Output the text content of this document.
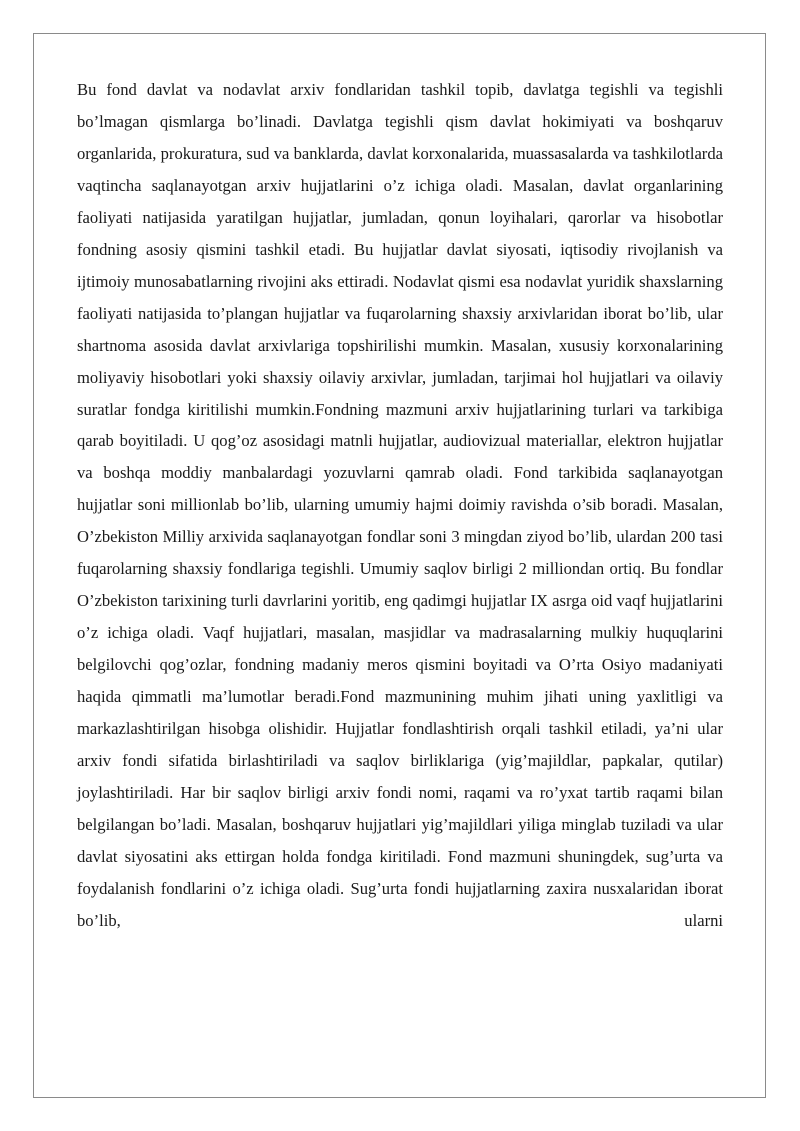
Bu fond davlat va nodavlat arxiv fondlaridan tashkil topib, davlatga tegishli va tegishli bo’lmagan qismlarga bo’linadi. Davlatga tegishli qism davlat hokimiyati va boshqaruv organlarida, prokuratura, sud va banklarda, davlat korxonalarida, muassasalarda va tashkilotlarda vaqtincha saqlanayotgan arxiv hujjatlarini o’z ichiga oladi. Masalan, davlat organlarining faoliyati natijasida yaratilgan hujjatlar, jumladan, qonun loyihalari, qarorlar va hisobotlar fondning asosiy qismini tashkil etadi. Bu hujjatlar davlat siyosati, iqtisodiy rivojlanish va ijtimoiy munosabatlarning rivojini aks ettiradi. Nodavlat qismi esa nodavlat yuridik shaxslarning faoliyati natijasida to’plangan hujjatlar va fuqarolarning shaxsiy arxivlaridan iborat bo’lib, ular shartnoma asosida davlat arxivlariga topshirilishi mumkin. Masalan, xususiy korxonalarining moliyaviy hisobotlari yoki shaxsiy oilaviy arxivlar, jumladan, tarjimai hol hujjatlari va oilaviy suratlar fondga kiritilishi mumkin.Fondning mazmuni arxiv hujjatlarining turlari va tarkibiga qarab boyitiladi. U qog’oz asosidagi matnli hujjatlar, audiovizual materiallar, elektron hujjatlar va boshqa moddiy manbalardagi yozuvlarni qamrab oladi. Fond tarkibida saqlanayotgan hujjatlar soni millionlab bo’lib, ularning umumiy hajmi doimiy ravishda o’sib boradi. Masalan, O’zbekiston Milliy arxivida saqlanayotgan fondlar soni 3 mingdan ziyod bo’lib, ulardan 200 tasi fuqarolarning shaxsiy fondlariga tegishli. Umumiy saqlov birligi 2 milliondan ortiq. Bu fondlar O’zbekiston tarixining turli davrlarini yoritib, eng qadimgi hujjatlar IX asrga oid vaqf hujjatlarini o’z ichiga oladi. Vaqf hujjatlari, masalan, masjidlar va madrasalarning mulkiy huquqlarini belgilovchi qog’ozlar, fondning madaniy meros qismini boyitadi va O’rta Osiyo madaniyati haqida qimmatli ma’lumotlar beradi.Fond mazmunining muhim jihati uning yaxlitligi va markazlashtirilgan hisobga olishidir. Hujjatlar fondlashtirish orqali tashkil etiladi, ya’ni ular arxiv fondi sifatida birlashtiriladi va saqlov birliklariga (yig’majildlar, papkalar, qutilar) joylashtiriladi. Har bir saqlov birligi arxiv fondi nomi, raqami va ro’yxat tartib raqami bilan belgilangan bo’ladi. Masalan, boshqaruv hujjatlari yig’majildlari yiliga minglab tuziladi va ular davlat siyosatini aks ettirgan holda fondga kiritiladi. Fond mazmuni shuningdek, sug’urta va foydalanish fondlarini o’z ichiga oladi. Sug’urta fondi hujjatlarning zaxira nusxalaridan iborat bo’lib, ularni
